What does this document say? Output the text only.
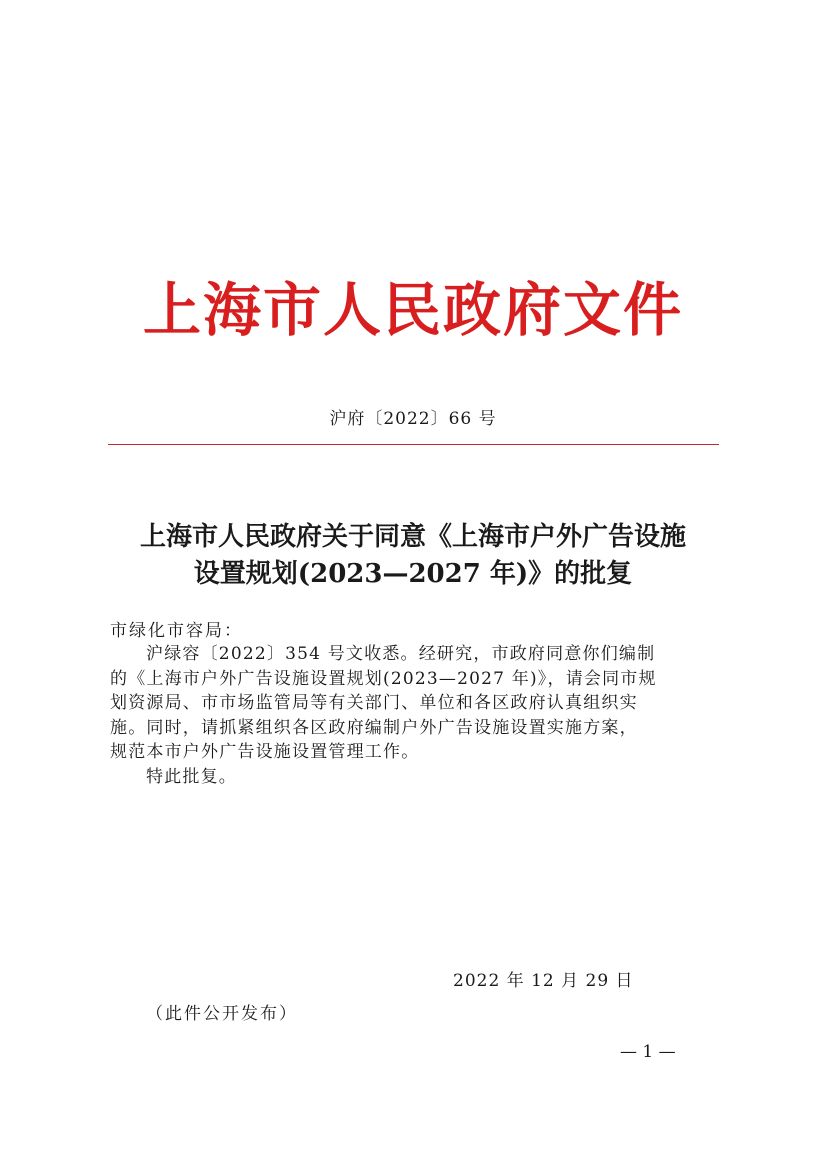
上海市人民政府文件
沪府〔2022〕66 号
上海市人民政府关于同意《上海市户外广告设施
设置规划(2023—2027 年)》的批复
市绿化市容局：
沪绿容〔2022〕354 号文收悉。经研究，市政府同意你们编制
的《上海市户外广告设施设置规划(2023—2027 年)》，请会同市规
划资源局、市市场监管局等有关部门、单位和各区政府认真组织实
施。同时，请抓紧组织各区政府编制户外广告设施设置实施方案，
规范本市户外广告设施设置管理工作。
特此批复。
2022 年 12 月 29 日
（此件公开发布）
— 1 —
